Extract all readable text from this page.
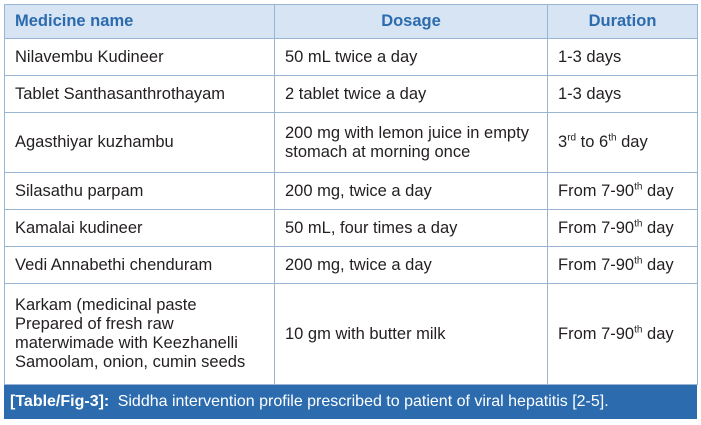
Medicine name	Dosage	Duration
Nilavembu Kudineer	50 mL twice a day	1-3 days
Tablet Santhasanthrothayam	2 tablet twice a day	1-3 days
Agasthiyar kuzhambu	200 mg with lemon juice in empty stomach at morning once	3rd to 6th day
Silasathu parpam	200 mg, twice a day	From 7-90th day
Kamalai kudineer	50 mL, four times a day	From 7-90th day
Vedi Annabethi chenduram	200 mg, twice a day	From 7-90th day
Karkam (medicinal paste Prepared of fresh raw materwimade with Keezhanelli Samoolam, onion, cumin seeds	10 gm with butter milk	From 7-90th day
[Table/Fig-3]: Siddha intervention profile prescribed to patient of viral hepatitis [2-5].
